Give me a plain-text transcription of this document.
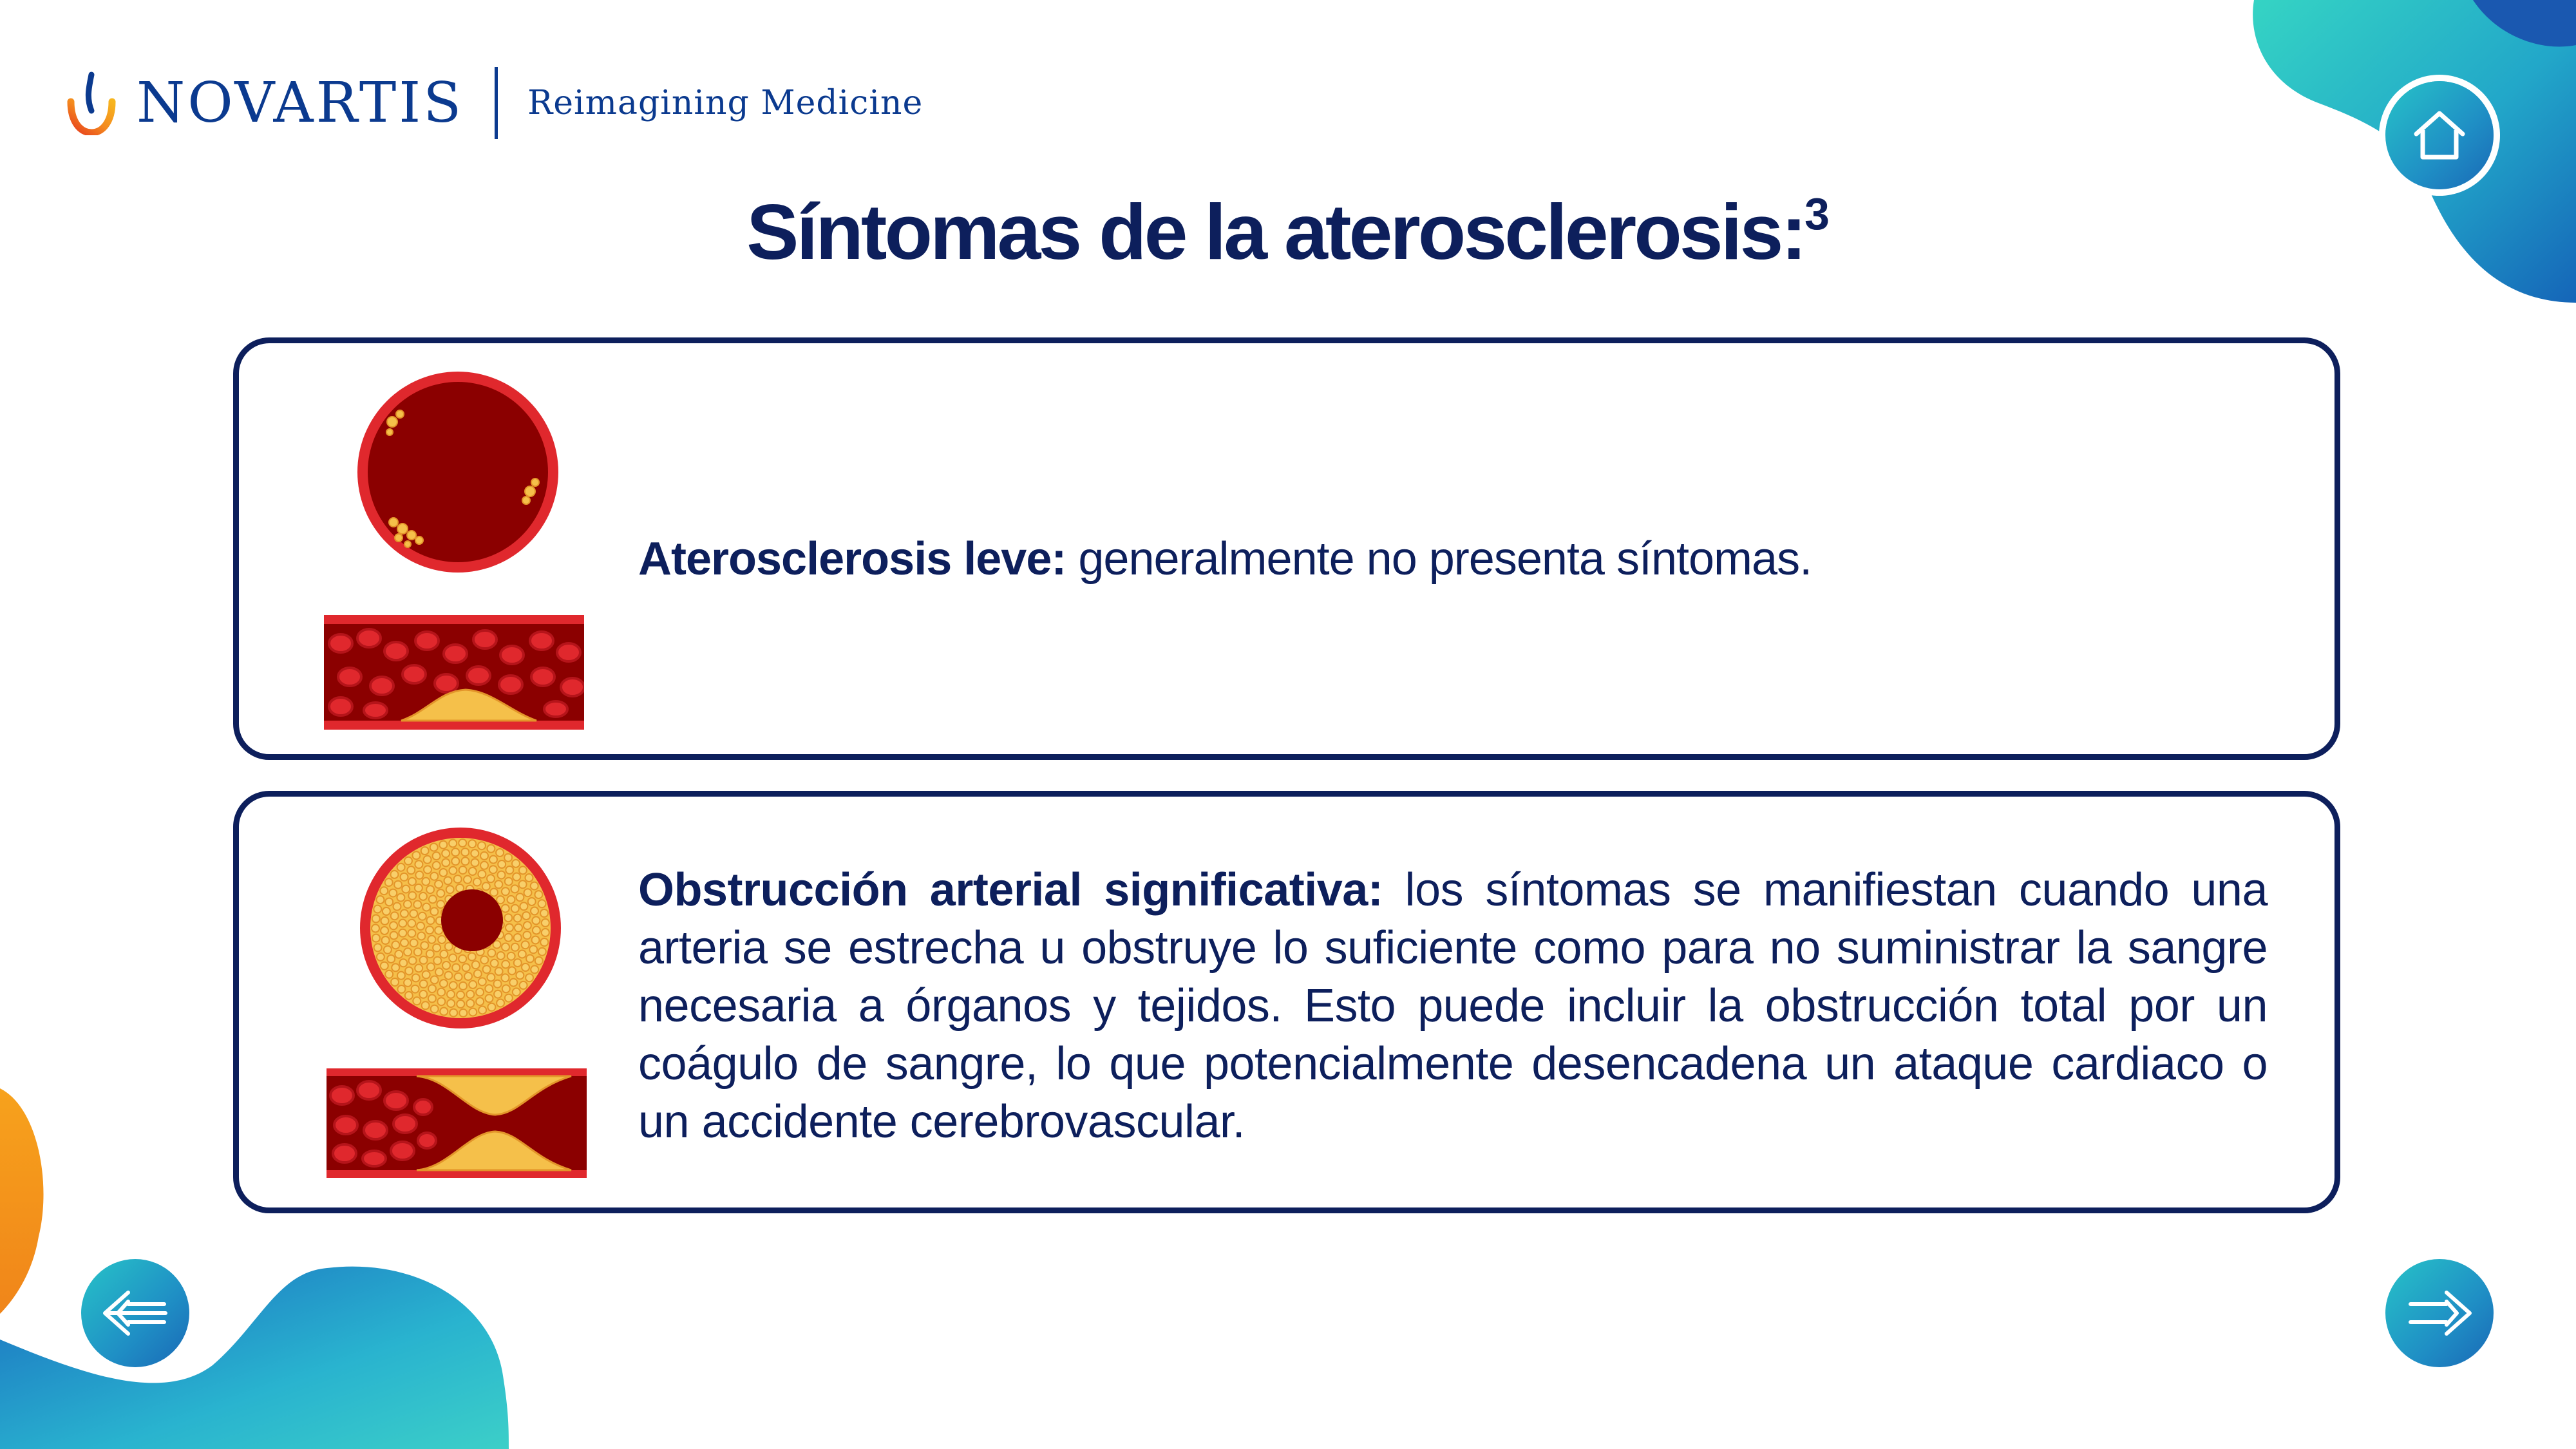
NOVARTIS Reimagining Medicine
Síntomas de la aterosclerosis:$^3$
Aterosclerosis leve: generalmente no presenta síntomas.
Obstrucción arterial significativa: los síntomas se manifiestan cuando una arteria se estrecha u obstruye lo suficiente como para no suministrar la sangre necesaria a órganos y tejidos. Esto puede incluir la obstrucción total por un coágulo de sangre, lo que potencialmente desencadena un ataque cardiaco o un accidente cerebrovascular.
